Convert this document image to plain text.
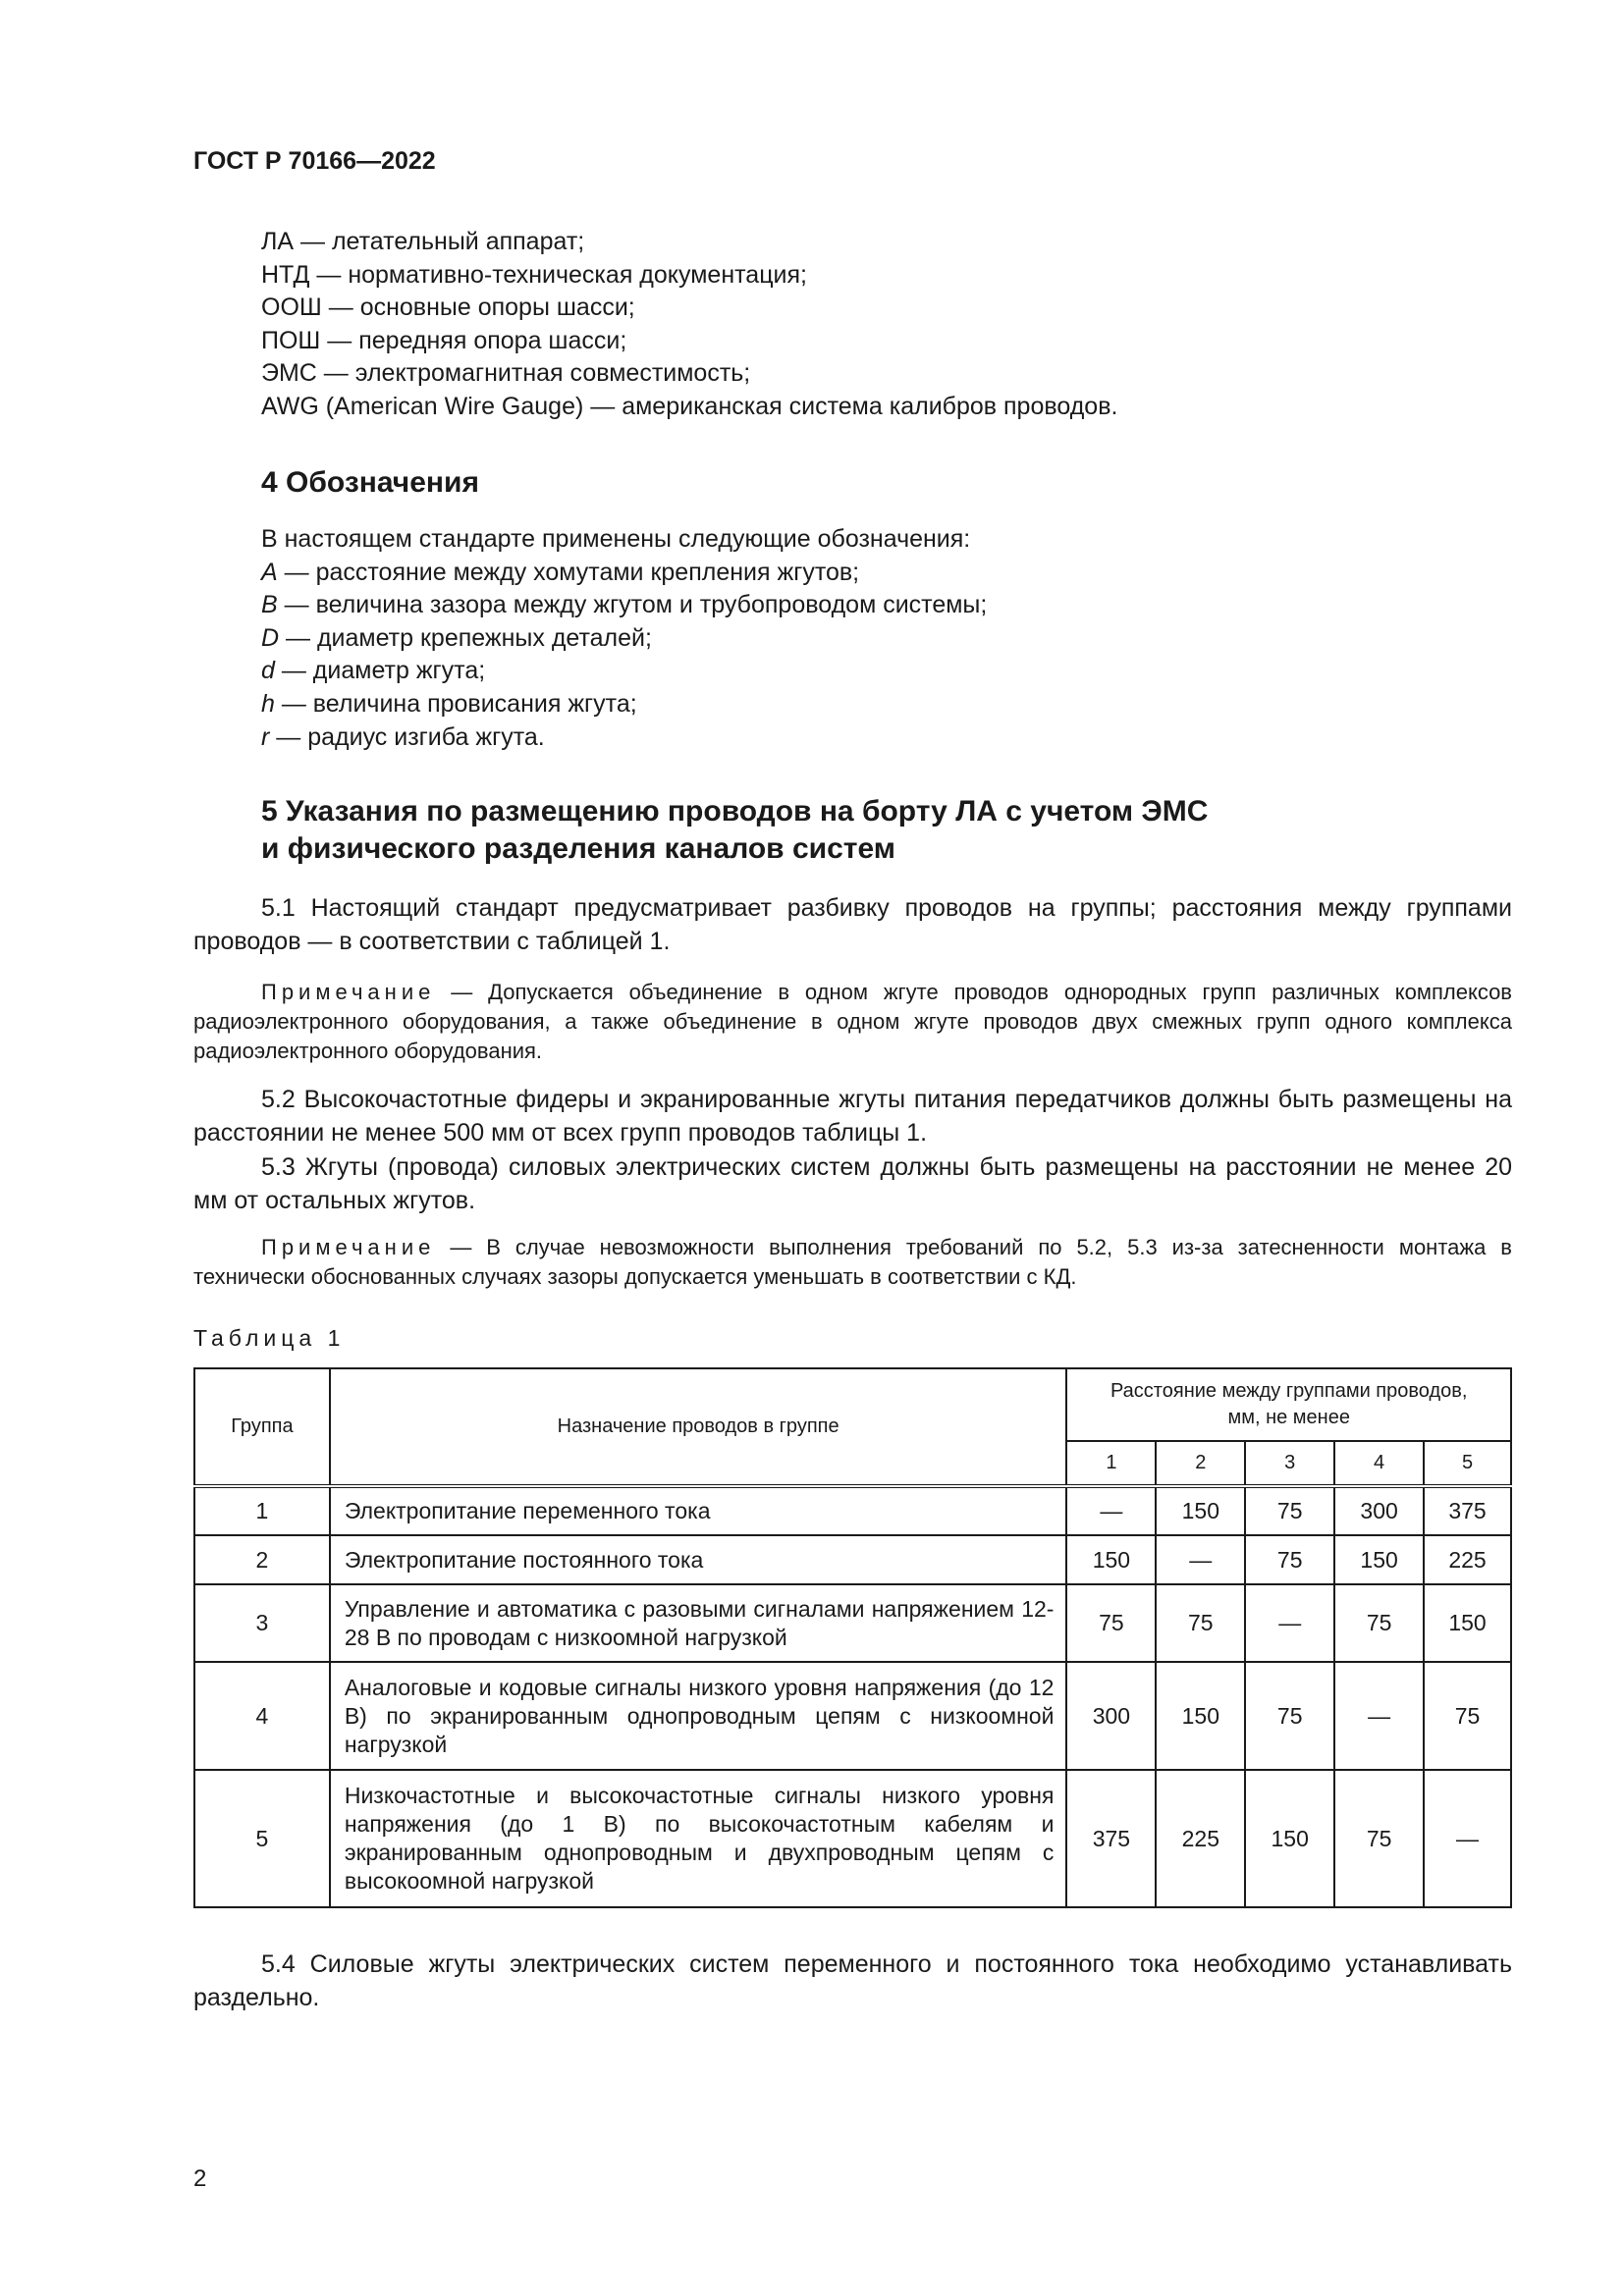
ГОСТ Р 70166—2022
ЛА — летательный аппарат;
НТД — нормативно-техническая документация;
ООШ — основные опоры шасси;
ПОШ — передняя опора шасси;
ЭМС — электромагнитная совместимость;
AWG (American Wire Gauge) — американская система калибров проводов.
4 Обозначения
В настоящем стандарте применены следующие обозначения:
A — расстояние между хомутами крепления жгутов;
B — величина зазора между жгутом и трубопроводом системы;
D — диаметр крепежных деталей;
d — диаметр жгута;
h — величина провисания жгута;
r — радиус изгиба жгута.
5 Указания по размещению проводов на борту ЛА с учетом ЭМС
и физического разделения каналов систем

5.1 Настоящий стандарт предусматривает разбивку проводов на группы; расстояния между группами проводов — в соответствии с таблицей 1.

Примечание — Допускается объединение в одном жгуте проводов однородных групп различных комплексов радиоэлектронного оборудования, а также объединение в одном жгуте проводов двух смежных групп одного комплекса радиоэлектронного оборудования.

5.2 Высокочастотные фидеры и экранированные жгуты питания передатчиков должны быть размещены на расстоянии не менее 500 мм от всех групп проводов таблицы 1.

5.3 Жгуты (провода) силовых электрических систем должны быть размещены на расстоянии не менее 20 мм от остальных жгутов.

Примечание — В случае невозможности выполнения требований по 5.2, 5.3 из-за затесненности монтажа в технически обоснованных случаях зазоры допускается уменьшать в соответствии с КД.

Таблица 1
Группа	Назначение проводов в группе	Расстояние между группами проводов, мм, не менее				
		1	2	3	4	5
1	Электропитание переменного тока	—	150	75	300	375
2	Электропитание постоянного тока	150	—	75	150	225
3	Управление и автоматика с разовыми сигналами напряжением 12-28 В по проводам с низкоомной нагрузкой	75	75	—	75	150
4	Аналоговые и кодовые сигналы низкого уровня напряжения (до 12 В) по экранированным однопроводным цепям с низкоомной нагрузкой	300	150	75	—	75
5	Низкочастотные и высокочастотные сигналы низкого уровня напряжения (до 1 В) по высокочастотным кабелям и экранированным однопроводным и двухпроводным цепям с высокоомной нагрузкой	375	225	150	75	—

5.4 Силовые жгуты электрических систем переменного и постоянного тока необходимо устанавливать раздельно.

2
